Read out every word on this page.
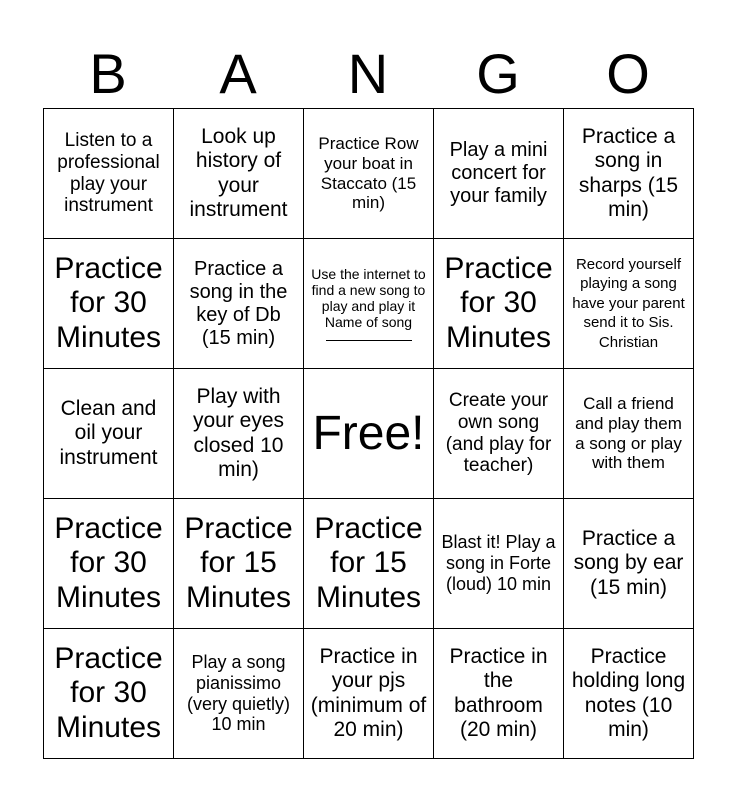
B	A	N	G	O
Listen to a professional play your instrument	Look up history of your instrument	Practice Row your boat in Staccato (15 min)	Play a mini concert for your family	Practice a song in sharps (15 min)
Practice for 30 Minutes	Practice a song in the key of Db (15 min)	Use the internet to find a new song to play and play it Name of song	Practice for 30 Minutes	Record yourself playing a song have your parent send it to Sis. Christian
Clean and oil your instrument	Play with your eyes closed 10 min)	Free!	Create your own song (and play for teacher)	Call a friend and play them a song or play with them
Practice for 30 Minutes	Practice for 15 Minutes	Practice for 15 Minutes	Blast it! Play a song in Forte (loud) 10 min	Practice a song by ear (15 min)
Practice for 30 Minutes	Play a song pianissimo (very quietly) 10 min	Practice in your pjs (minimum of 20 min)	Practice in the bathroom (20 min)	Practice holding long notes (10 min)
